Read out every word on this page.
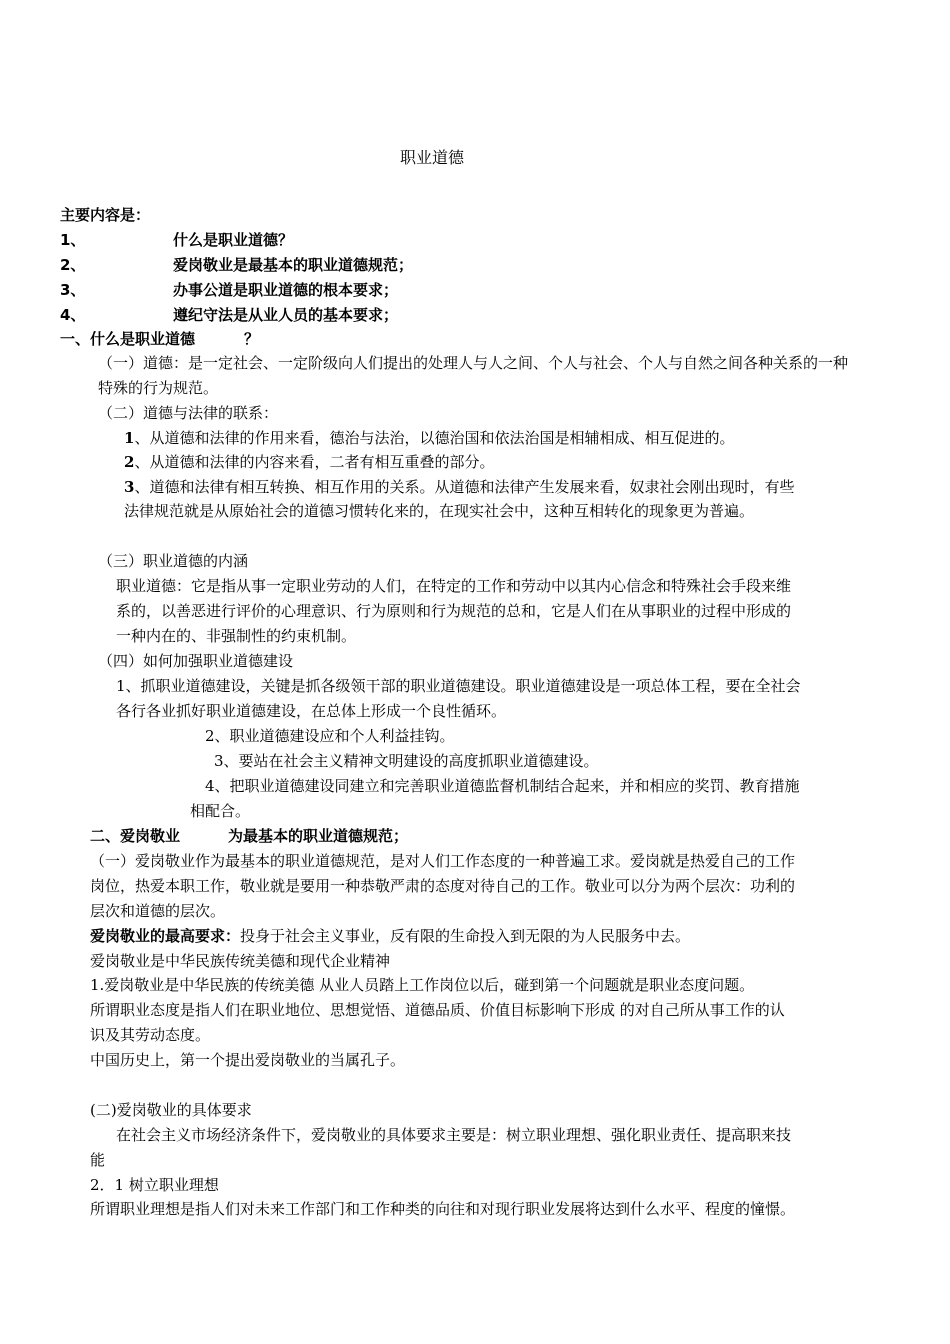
职业道德
主要内容是：
1、	什么是职业道德？
2、	爱岗敬业是最基本的职业道德规范；
3、	办事公道是职业道德的根本要求；
4、	遵纪守法是从业人员的基本要求；
一、什么是职业道德	？
（一）道德：是一定社会、一定阶级向人们提出的处理人与人之间、个人与社会、个人与自然之间各种关系的一种
特殊的行为规范。
（二）道德与法律的联系：
1、从道德和法律的作用来看，德治与法治，以德治国和依法治国是相辅相成、相互促进的。
2、从道德和法律的内容来看，二者有相互重叠的部分。
3、道德和法律有相互转换、相互作用的关系。从道德和法律产生发展来看，奴隶社会刚出现时，有些
法律规范就是从原始社会的道德习惯转化来的，在现实社会中，这种互相转化的现象更为普遍。
（三）职业道德的内涵
职业道德：它是指从事一定职业劳动的人们，在特定的工作和劳动中以其内心信念和特殊社会手段来维
系的，以善恶进行评价的心理意识、行为原则和行为规范的总和，它是人们在从事职业的过程中形成的
一种内在的、非强制性的约束机制。
（四）如何加强职业道德建设
1、抓职业道德建设，关键是抓各级领干部的职业道德建设。职业道德建设是一项总体工程，要在全社会
各行各业抓好职业道德建设，在总体上形成一个良性循环。
2、职业道德建设应和个人利益挂钩。
3、要站在社会主义精神文明建设的高度抓职业道德建设。
4、把职业道德建设同建立和完善职业道德监督机制结合起来，并和相应的奖罚、教育措施
相配合。
二、爱岗敬业	为最基本的职业道德规范；
（一）爱岗敬业作为最基本的职业道德规范，是对人们工作态度的一种普遍工求。爱岗就是热爱自己的工作
岗位，热爱本职工作，敬业就是要用一种恭敬严肃的态度对待自己的工作。敬业可以分为两个层次：功利的
层次和道德的层次。
爱岗敬业的最高要求：投身于社会主义事业，反有限的生命投入到无限的为人民服务中去。
爱岗敬业是中华民族传统美德和现代企业精神
1.爱岗敬业是中华民族的传统美德 从业人员踏上工作岗位以后，碰到第一个问题就是职业态度问题。
所谓职业态度是指人们在职业地位、思想觉悟、道德品质、价值目标影响下形成 的对自己所从事工作的认
识及其劳动态度。
中国历史上，第一个提出爱岗敬业的当属孔子。
(二)爱岗敬业的具体要求
在社会主义市场经济条件下，爱岗敬业的具体要求主要是：树立职业理想、强化职业责任、提高职来技
能
2．1 树立职业理想
所谓职业理想是指人们对未来工作部门和工作种类的向往和对现行职业发展将达到什么水平、程度的憧憬。
